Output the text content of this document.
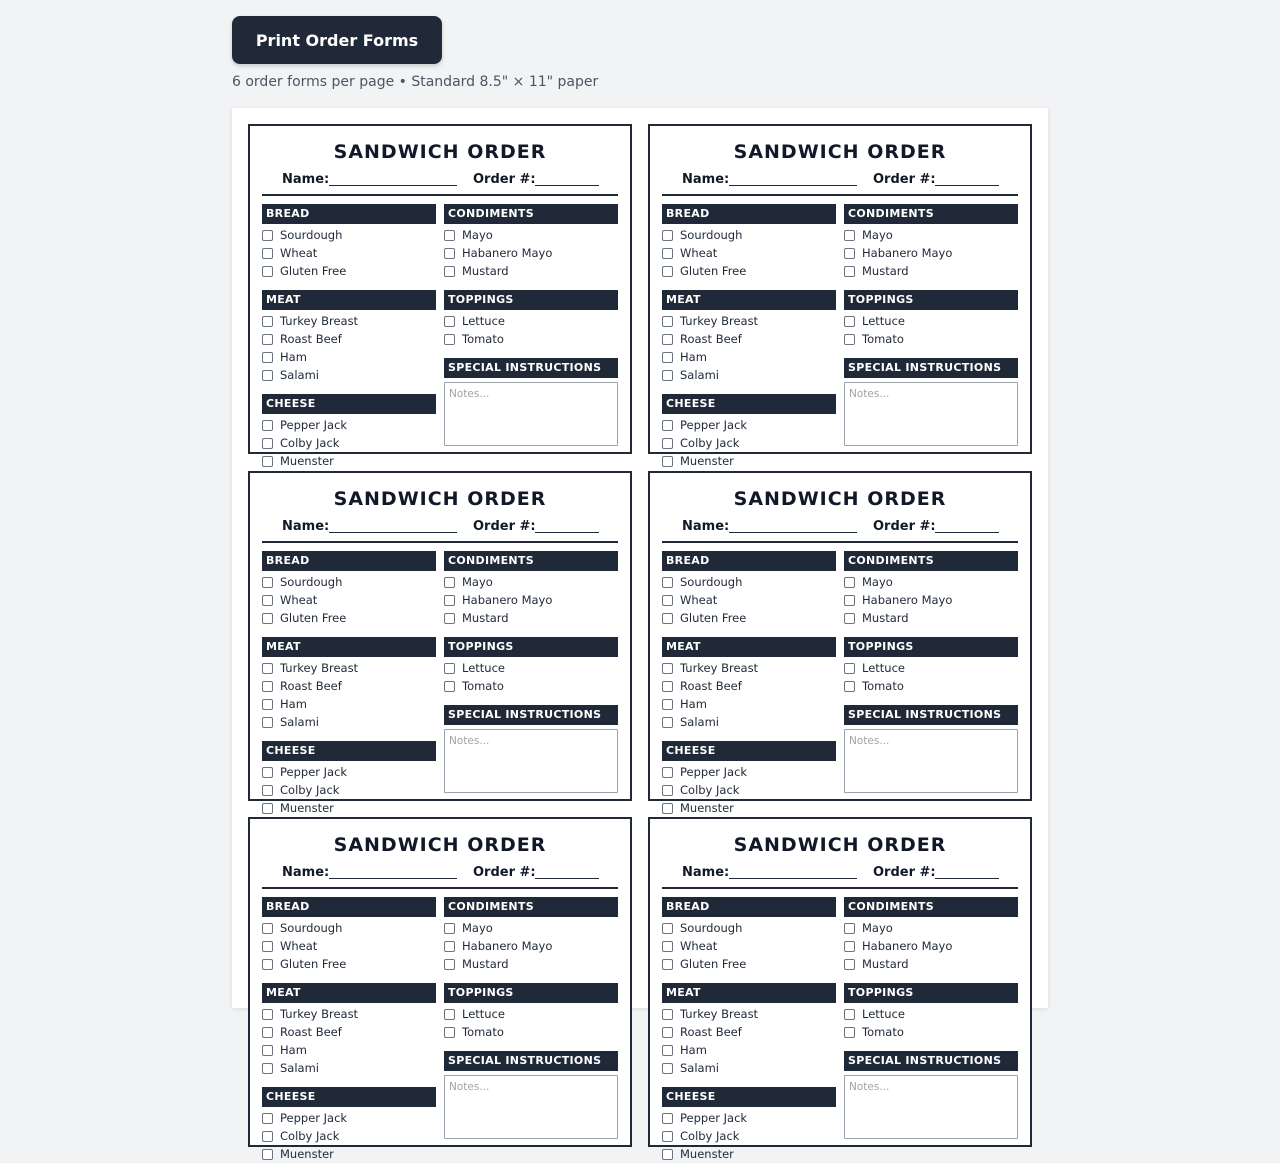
Print Order Forms
6 order forms per page • Standard 8.5" × 11" paper
SANDWICH ORDER
Name:	Order #:
BREAD
Sourdough
Wheat
Gluten Free
MEAT
Turkey Breast
Roast Beef
Ham
Salami
CHEESE
Pepper Jack
Colby Jack
Muenster
CONDIMENTS
Mayo
Habanero Mayo
Mustard
TOPPINGS
Lettuce
Tomato
SPECIAL INSTRUCTIONS
Notes...
SANDWICH ORDER
Name:	Order #:
BREAD
Sourdough
Wheat
Gluten Free
MEAT
Turkey Breast
Roast Beef
Ham
Salami
CHEESE
Pepper Jack
Colby Jack
Muenster
CONDIMENTS
Mayo
Habanero Mayo
Mustard
TOPPINGS
Lettuce
Tomato
SPECIAL INSTRUCTIONS
Notes...
SANDWICH ORDER
Name:	Order #:
BREAD
Sourdough
Wheat
Gluten Free
MEAT
Turkey Breast
Roast Beef
Ham
Salami
CHEESE
Pepper Jack
Colby Jack
Muenster
CONDIMENTS
Mayo
Habanero Mayo
Mustard
TOPPINGS
Lettuce
Tomato
SPECIAL INSTRUCTIONS
Notes...
SANDWICH ORDER
Name:	Order #:
BREAD
Sourdough
Wheat
Gluten Free
MEAT
Turkey Breast
Roast Beef
Ham
Salami
CHEESE
Pepper Jack
Colby Jack
Muenster
CONDIMENTS
Mayo
Habanero Mayo
Mustard
TOPPINGS
Lettuce
Tomato
SPECIAL INSTRUCTIONS
Notes...
SANDWICH ORDER
Name:	Order #:
BREAD
Sourdough
Wheat
Gluten Free
MEAT
Turkey Breast
Roast Beef
Ham
Salami
CHEESE
Pepper Jack
Colby Jack
Muenster
CONDIMENTS
Mayo
Habanero Mayo
Mustard
TOPPINGS
Lettuce
Tomato
SPECIAL INSTRUCTIONS
Notes...
SANDWICH ORDER
Name:	Order #:
BREAD
Sourdough
Wheat
Gluten Free
MEAT
Turkey Breast
Roast Beef
Ham
Salami
CHEESE
Pepper Jack
Colby Jack
Muenster
CONDIMENTS
Mayo
Habanero Mayo
Mustard
TOPPINGS
Lettuce
Tomato
SPECIAL INSTRUCTIONS
Notes...
